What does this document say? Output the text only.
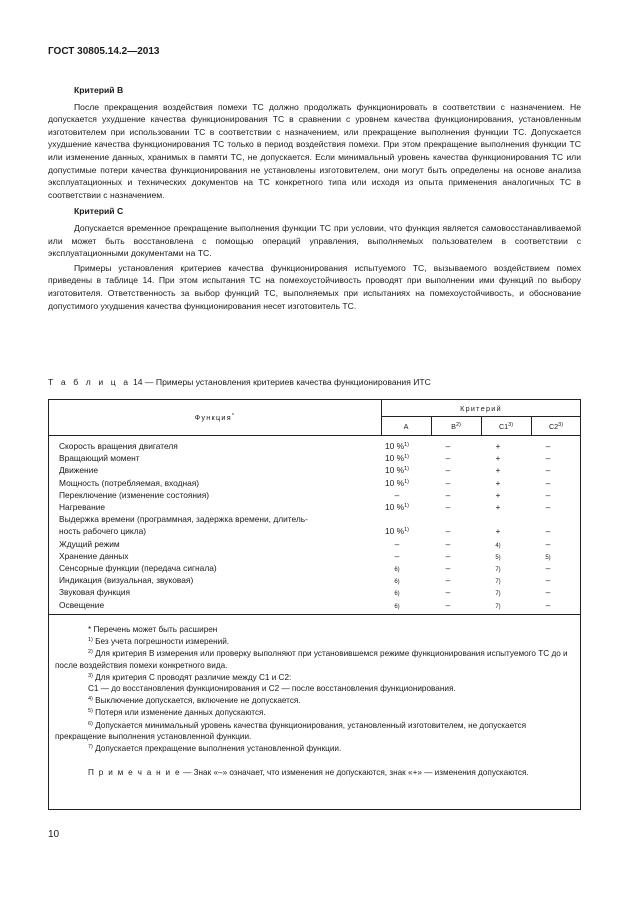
ГОСТ 30805.14.2—2013
Критерий B
После прекращения воздействия помехи ТС должно продолжать функционировать в соответствии с назначением. Не допускается ухудшение качества функционирования ТС в сравнении с уровнем качества функционирования, установленным изготовителем при использовании ТС в соответствии с назначением, или прекращение выполнения функции ТС. Допускается ухудшение качества функционирования ТС только в период воздействия помехи. При этом прекращение выполнения функции ТС или изменение данных, хранимых в памяти ТС, не допускается. Если минимальный уровень качества функционирования ТС или допустимые потери качества функционирования не установлены изготовителем, они могут быть определены на основе анализа эксплуатационных и технических документов на ТС конкретного типа или исходя из опыта применения аналогичных ТС в соответствии с назначением.
Критерий C
Допускается временное прекращение выполнения функции ТС при условии, что функция является самовосстанавливаемой или может быть восстановлена с помощью операций управления, выполняемых пользователем в соответствии с эксплуатационными документами на ТС.
Примеры установления критериев качества функционирования испытуемого ТС, вызываемого воздействием помех приведены в таблице 14. При этом испытания ТС на помехоустойчивость проводят при выполнении ими функций по выбору изготовителя. Ответственность за выбор функций ТС, выполняемых при испытаниях на помехоустойчивость, и обоснование допустимого ухудшения качества функционирования несет изготовитель ТС.
Т а б л и ц а 14 — Примеры установления критериев качества функционирования ИТС
Функция*
Критерий
A	$B^{2)}$	C1$^{3)}$	C2$^{3)}$
Скорость вращения двигателя	10 %$^{1)}$	–	+	–
Вращающий момент	10 %$^{1)}$	–	+	–
Движение	10 %$^{1)}$	–	+	–
Мощность (потребляемая, входная)	10 %$^{1)}$	–	+	–
Переключение (изменение состояния)	–	–	+	–
Нагревание	10 %$^{1)}$	–	+	–
Выдержка времени (программная, задержка времени, длитель-
ность рабочего цикла)	10 %$^{1)}$	–	+	–
Ждущий режим	–	–	4)	–
Хранение данных	–	–	5)	5)
Сенсорные функции (передача сигнала)	6)	–	7)	–
Индикация (визуальная, звуковая)	6)	–	7)	–
Звуковая функция	6)	–	7)	–
Освещение	6)	–	7)	–
* Перечень может быть расширен
$^{1)}$ Без учета погрешности измерений.
$^{2)}$ Для критерия B измерения или проверку выполняют при установившемся режиме функционирования испытуемого ТС до и после воздействия помехи конкретного вида.
$^{3)}$ Для критерия C проводят различие между C1 и C2:
C1 — до восстановления функционирования и C2 — после восстановления функционирования.
$^{4)}$ Выключение допускается, включение не допускается.
$^{5)}$ Потеря или изменение данных допускаются.
$^{6)}$ Допускается минимальный уровень качества функционирования, установленный изготовителем, не допускается прекращение выполнения установленной функции.
$^{7)}$ Допускается прекращение выполнения установленной функции.
П р и м е ч а н и е — Знак «–» означает, что изменения не допускаются, знак «+» — изменения допускаются.
10
